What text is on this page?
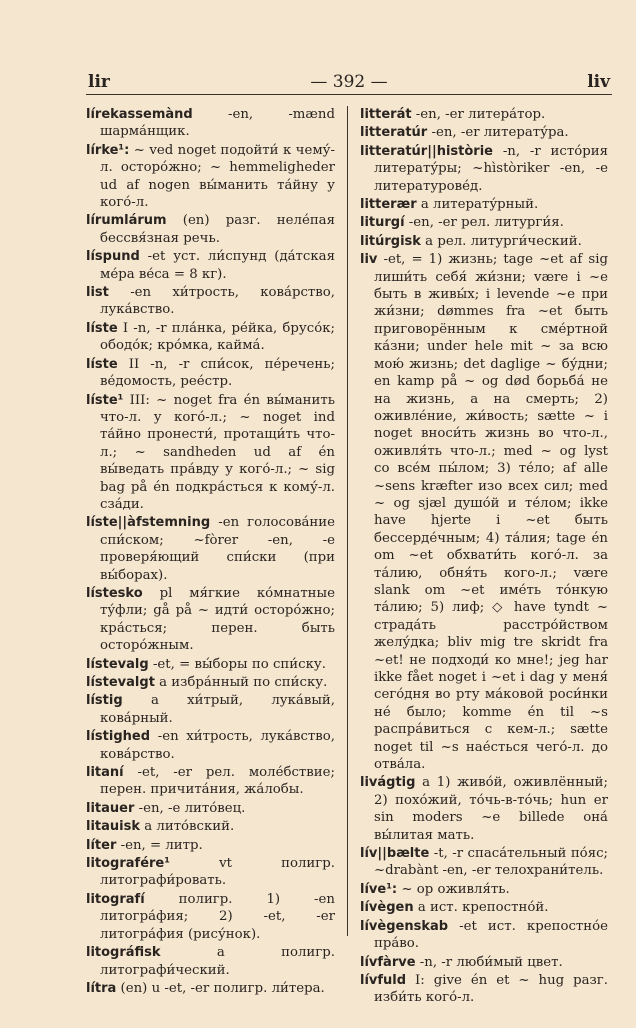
lir	— 392 —	liv

lírekassemànd	-en, -mænd шарма́нщик.

lírke¹: ~ ved noget подойти́ к чему́-л. осторо́жно; ~ hemmeligheder ud af nogen вы́манить та́йну у кого́-л.

lírumlárum (en) разг. неле́пая бессвя́зная речь.

líspund -et уст. ли́спунд (да́тская ме́ра ве́са = 8 кг).

list -en хи́трость, кова́рство, лука́вство.

líste I -n, -r пла́нка, ре́йка, брусо́к; ободо́к; кро́мка, каймá.

líste II -n, -r спи́сок, пе́речень; ве́домость, рее́стр.

líste¹ III: ~ noget fra én вы́манить что-л. у кого́-л.; ~ noget ind та́йно пронести́, протащи́ть что-л.; ~ sandheden ud af én вы́ведать пра́вду у кого́-л.; ~ sig bag på én подкра́сться к кому́-л. сза́ди.

líste||àfstemning -en голосова́ние спи́ском; ~fòrer -en, -e проверя́ющий спи́ски (при вы́борах).

lístesko pl мя́гкие ко́мнатные ту́фли; gå på ~ идти́ осторо́жно; кра́сться; перен. быть осторо́жным.

lístevalg -et, = вы́боры по спи́ску.

lístevalgt a избра́нный по спи́ску.

lístig a хи́трый, лука́вый, кова́рный.

lístighed -en хи́трость, лука́вство, кова́рство.

litaní -et, -er рел. моле́бствие; перен. причита́ния, жа́лобы.

litauer -en, -e лито́вец.

litauisk a лито́вский.

líter -en, = литр.

litograférе¹	vt полигр. литографи́ровать.

litografí	полигр. 1) -en литогра́фия; 2) -et, -er литогра́фия (рису́нок).

litográfisk	a полигр. литографи́ческий.

lítra (en) u -et, -er полигр. ли́тера.

litterát -en, -er литера́тор.

litteratúr -en, -er литерату́ра.

litteratúr||històrie -n, -r исто́рия литерату́ры; ~hìstòriker -en, -e литературове́д.

litterær a литерату́рный.

liturgí -en, -er рел. литурги́я.

litúrgisk a рел. литурги́ческий.

liv -et, = 1) жизнь; tage ~et af sig лиши́ть себя́ жи́зни; være i ~e быть в живы́х; i levende ~e при жи́зни; dømmes fra ~et быть приговорённым к сме́ртной ка́зни; under hele mit ~ за всю мою́ жизнь; det daglige ~ бу́дни; en kamp på ~ og død борьба́ не на жизнь, а на смерть; 2) оживле́ние, жи́вость; sætte ~ i noget вноси́ть жизнь во что-л., оживля́ть что-л.; med ~ og lyst со все́м пы́лом; 3) те́ло; af alle ~sens kræfter изо всех сил; med ~ og sjæl душо́й и те́лом; ikke have hjerte i ~et быть бессерде́чным; 4) та́лия; tage én om ~et обхвати́ть кого́-л. за та́лию, обня́ть кого-л.; være slank om ~et име́ть то́нкую та́лию; 5) лиф; ◇ have tyndt ~ страда́ть расстро́йством желу́дка; bliv mig tre skridt fra ~et! не подходи́ ко мне!; jeg har ikke fået noget i ~et i dag у меня́ сего́дня во рту ма́ковой роси́нки не́ было; komme én til ~s распра́виться с кем-л.; sætte noget til ~s нае́сться чего́-л. до отва́ла.

livágtig a 1) живо́й, оживлённый; 2) похо́жий, то́чь-в-то́чь; hun er sin moders ~e billede она́ вы́литая мать.

lív||bælte -t, -r спаса́тельный по́яс; ~drabànt -en, -er телохрани́тель.

líve¹: ~ op оживля́ть.

lívègen a ист. крепостно́й.

lívègenskab -et ист. крепостно́е пра́во.

lívfàrve -n, -r люби́мый цвет.

lívfuld I: give én et ~ hug разг. изби́ть кого́-л.
